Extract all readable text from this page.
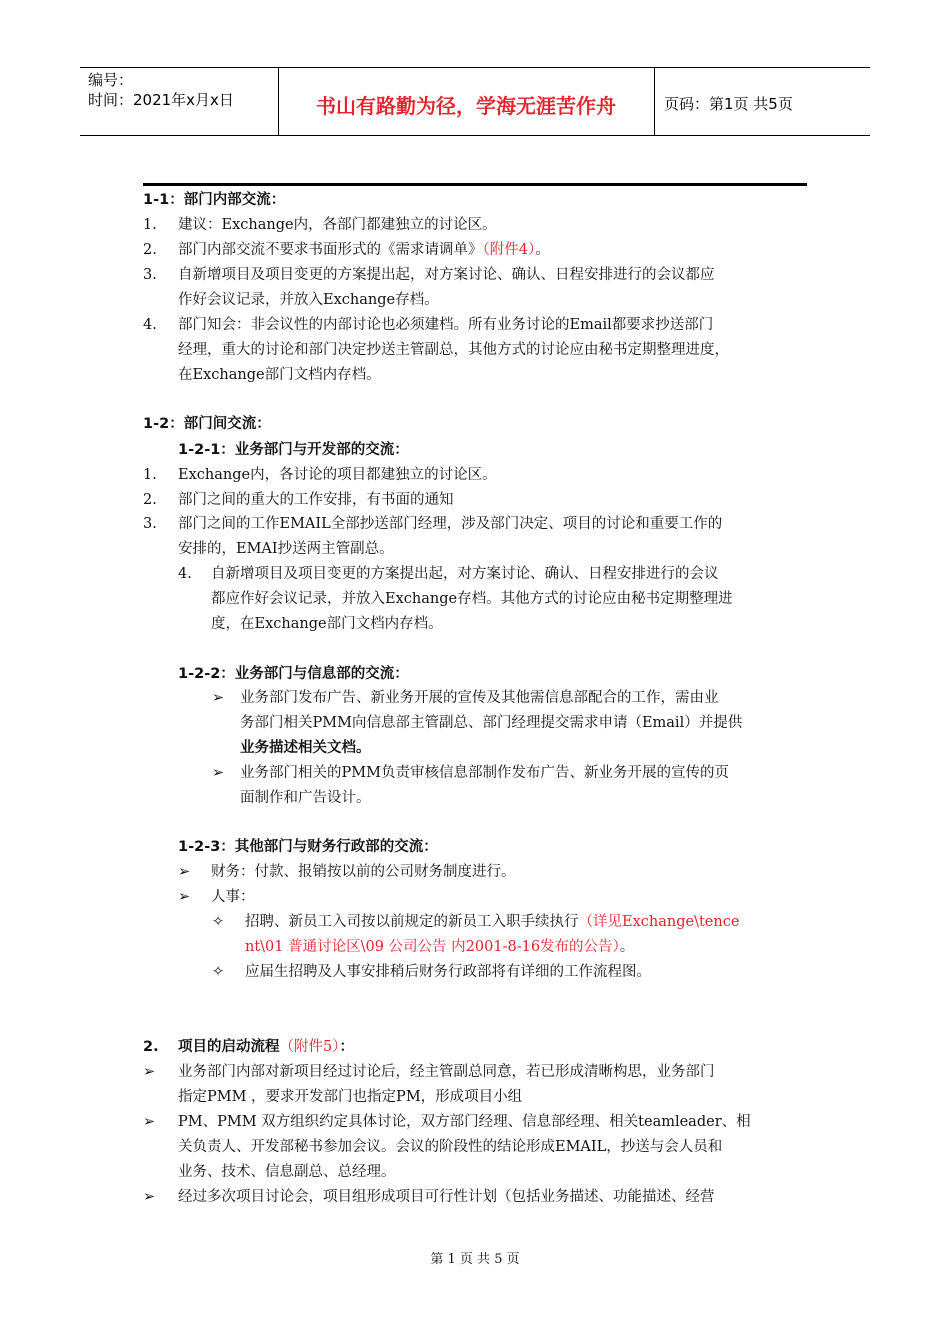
编号：
时间：2021年x月x日	书山有路勤为径，学海无涯苦作舟	页码：第1页 共5页
1-1：部门内部交流：
1. 建议：Exchange内，各部门都建独立的讨论区。
2. 部门内部交流不要求书面形式的《需求请调单》（附件4）。
3. 自新增项目及项目变更的方案提出起，对方案讨论、确认、日程安排进行的会议都应
作好会议记录，并放入Exchange存档。
4. 部门知会：非会议性的内部讨论也必须建档。所有业务讨论的Email都要求抄送部门
经理，重大的讨论和部门决定抄送主管副总，其他方式的讨论应由秘书定期整理进度，
在Exchange部门文档内存档。
1-2：部门间交流：
1-2-1：业务部门与开发部的交流：
1. Exchange内，各讨论的项目都建独立的讨论区。
2. 部门之间的重大的工作安排，有书面的通知
3. 部门之间的工作EMAIL全部抄送部门经理，涉及部门决定、项目的讨论和重要工作的
安排的，EMAI抄送两主管副总。
4. 自新增项目及项目变更的方案提出起，对方案讨论、确认、日程安排进行的会议
都应作好会议记录，并放入Exchange存档。其他方式的讨论应由秘书定期整理进
度，在Exchange部门文档内存档。
1-2-2：业务部门与信息部的交流：
➢ 业务部门发布广告、新业务开展的宣传及其他需信息部配合的工作，需由业
务部门相关PMM向信息部主管副总、部门经理提交需求申请（Email）并提供
业务描述相关文档。
➢ 业务部门相关的PMM负责审核信息部制作发布广告、新业务开展的宣传的页
面制作和广告设计。
1-2-3：其他部门与财务行政部的交流：
➢ 财务：付款、报销按以前的公司财务制度进行。
➢ 人事：
✧ 招聘、新员工入司按以前规定的新员工入职手续执行（详见Exchange\tence
nt\01 普通讨论区\09 公司公告 内2001-8-16发布的公告）。
✧ 应届生招聘及人事安排稍后财务行政部将有详细的工作流程图。
2. 项目的启动流程（附件5）：
➢ 业务部门内部对新项目经过讨论后，经主管副总同意，若已形成清晰构思，业务部门
指定PMM ，要求开发部门也指定PM，形成项目小组
➢ PM、PMM 双方组织约定具体讨论，双方部门经理、信息部经理、相关teamleader、相
关负责人、开发部秘书参加会议。会议的阶段性的结论形成EMAIL，抄送与会人员和
业务、技术、信息副总、总经理。
➢ 经过多次项目讨论会，项目组形成项目可行性计划（包括业务描述、功能描述、经营
第 1 页 共 5 页
